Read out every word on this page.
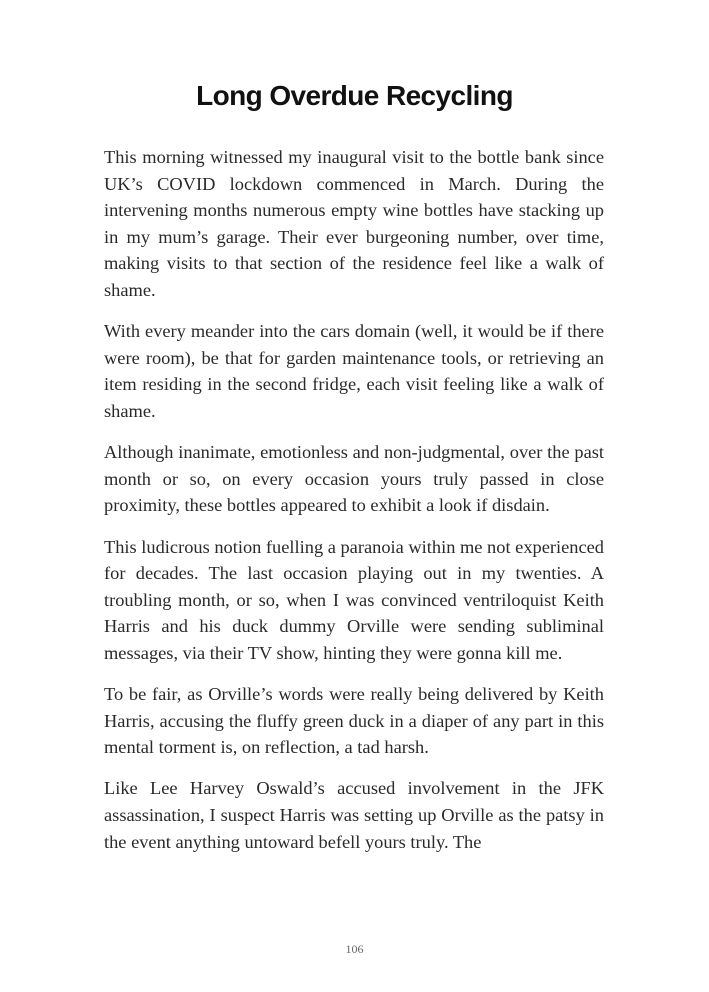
Long Overdue Recycling

This morning witnessed my inaugural visit to the bottle bank since UK’s COVID lockdown commenced in March. During the intervening months numerous empty wine bottles have stacking up in my mum’s garage. Their ever burgeoning number, over time, making visits to that section of the residence feel like a walk of shame.

With every meander into the cars domain (well, it would be if there were room), be that for garden maintenance tools, or retrieving an item residing in the second fridge, each visit feeling like a walk of shame.

Although inanimate, emotionless and non-judgmental, over the past month or so, on every occasion yours truly passed in close proximity, these bottles appeared to exhibit a look if disdain.

This ludicrous notion fuelling a paranoia within me not experienced for decades. The last occasion playing out in my twenties. A troubling month, or so, when I was convinced ventriloquist Keith Harris and his duck dummy Orville were sending subliminal messages, via their TV show, hinting they were gonna kill me.

To be fair, as Orville’s words were really being delivered by Keith Harris, accusing the fluffy green duck in a diaper of any part in this mental torment is, on reflection, a tad harsh.

Like Lee Harvey Oswald’s accused involvement in the JFK assassination, I suspect Harris was setting up Orville as the patsy in the event anything untoward befell yours truly. The

106
